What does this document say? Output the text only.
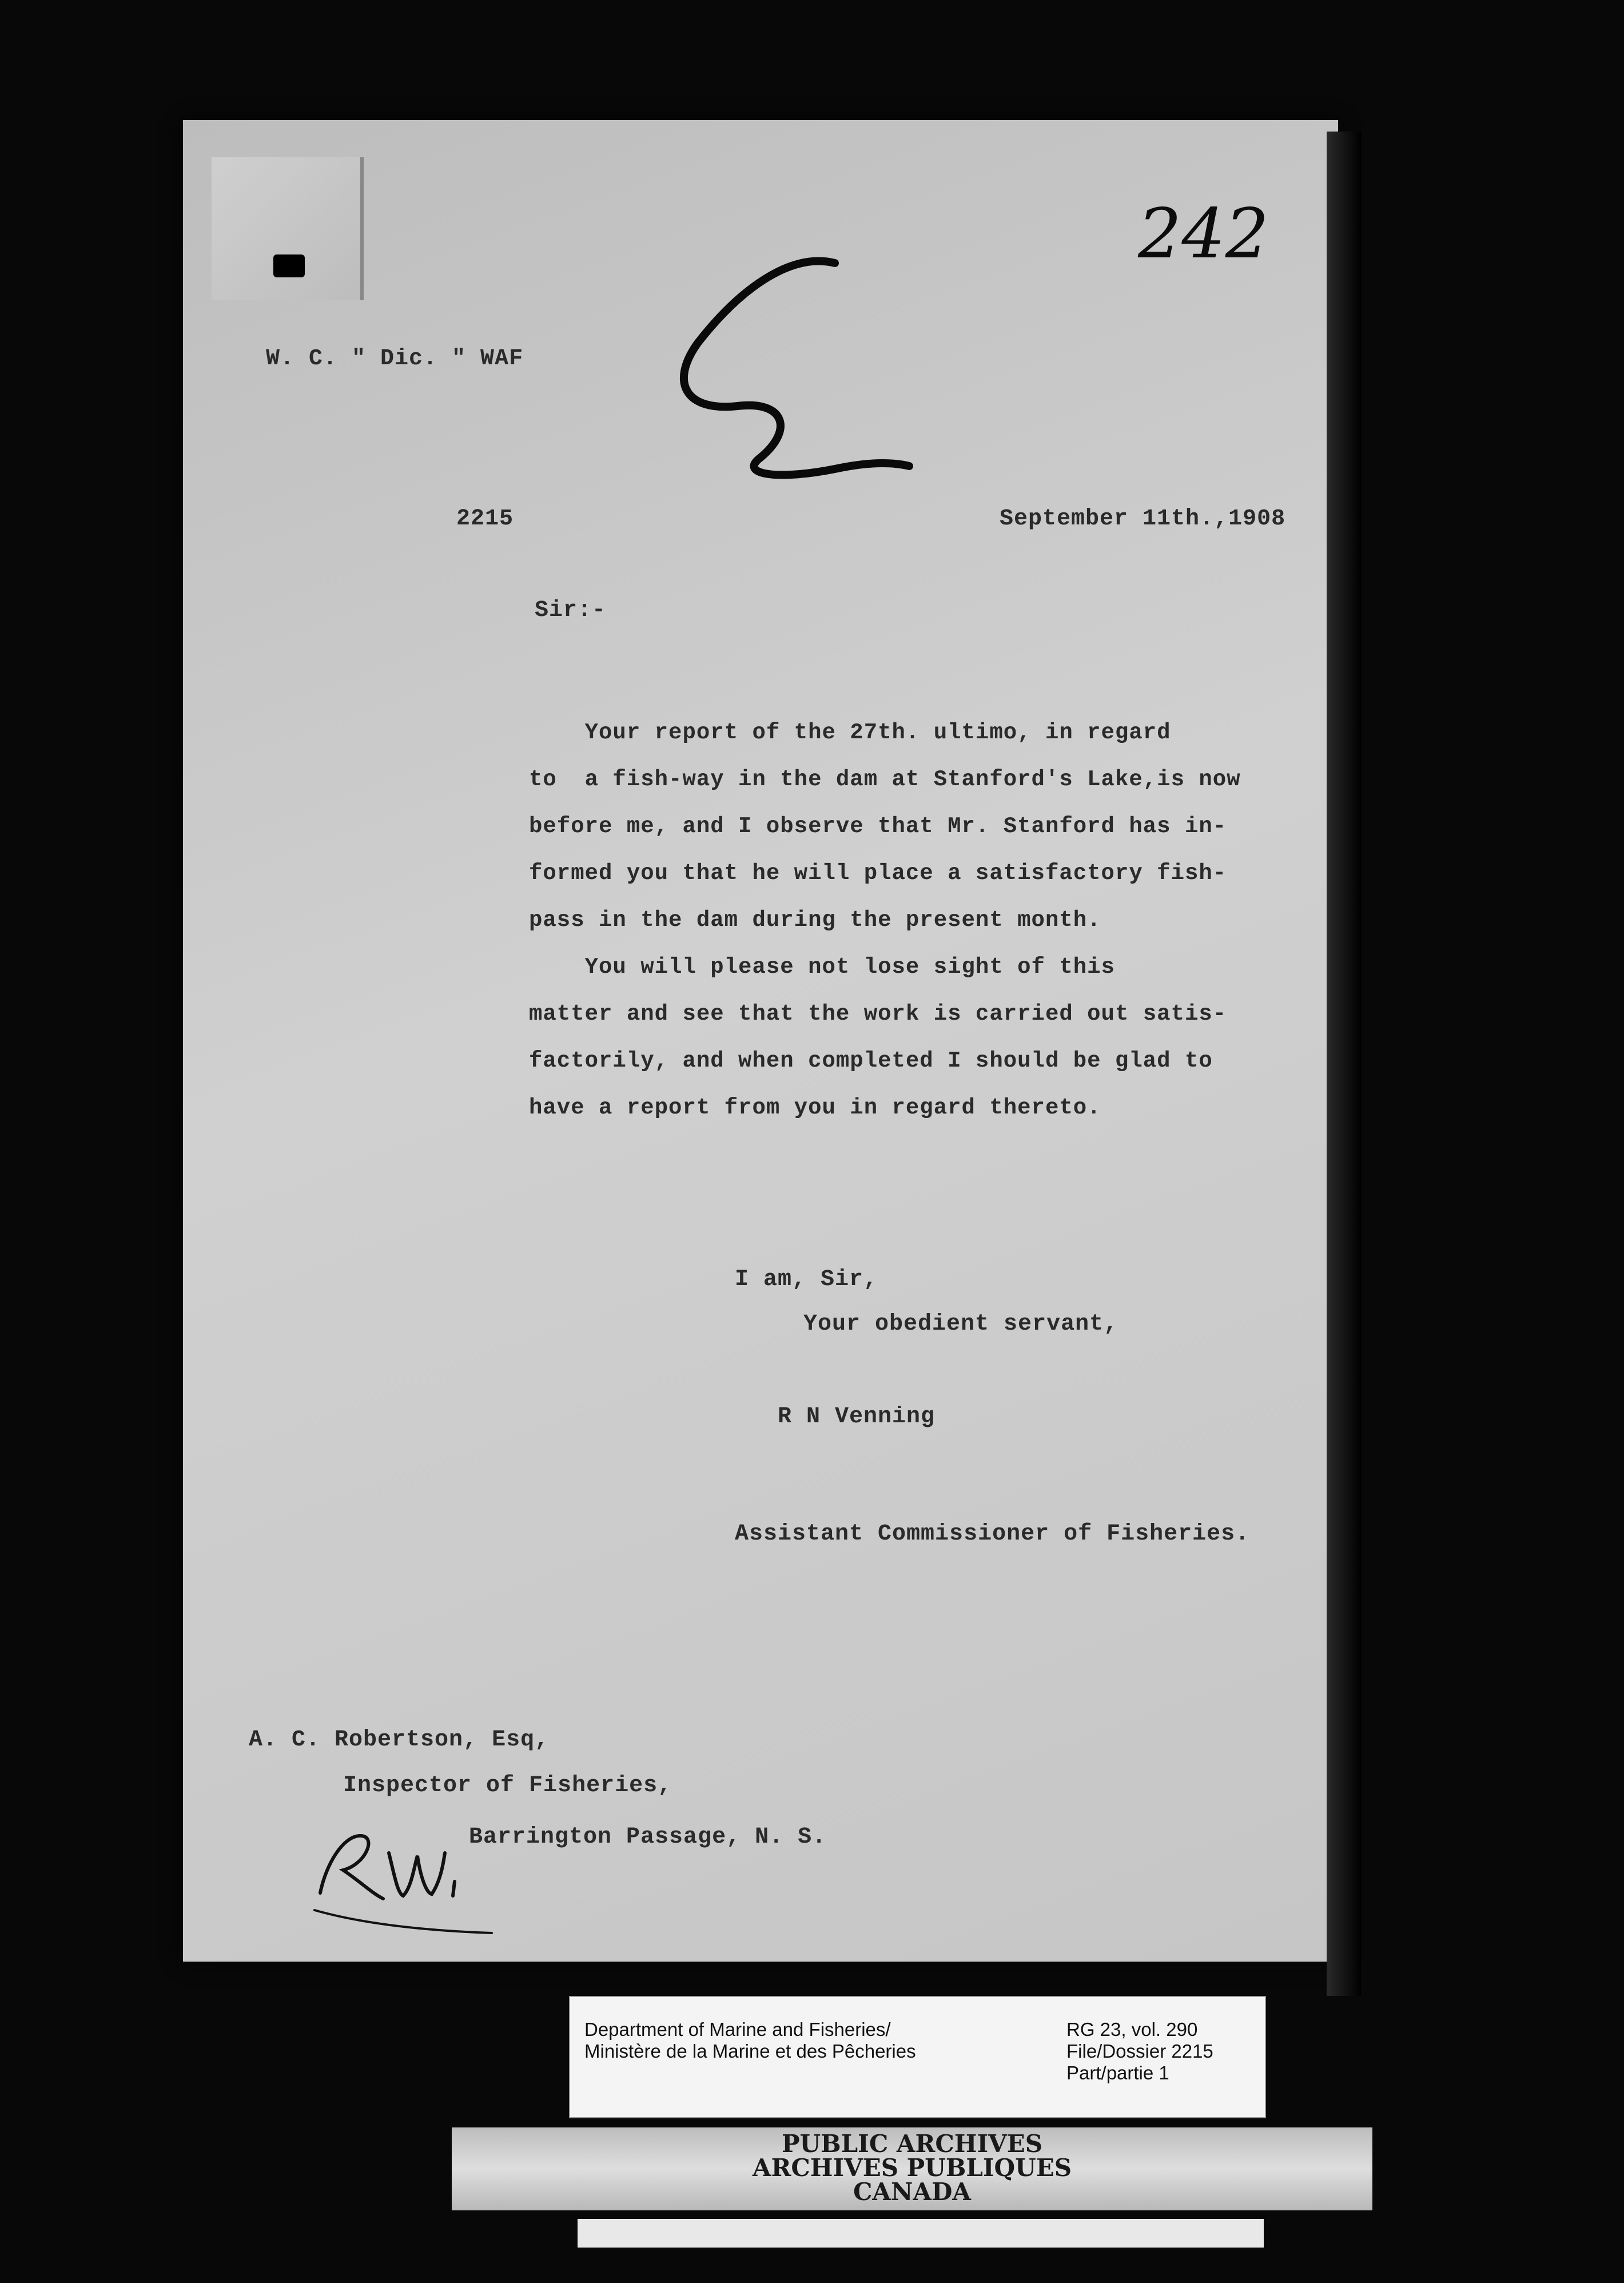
242
W. C. " Dic. " WAF
2215	September 11th.,1908
Sir:-
Your report of the 27th. ultimo, in regard
to  a fish-way in the dam at Stanford's Lake,is now
before me, and I observe that Mr. Stanford has in-
formed you that he will place a satisfactory fish-
pass in the dam during the present month.
You will please not lose sight of this
matter and see that the work is carried out satis-
factorily, and when completed I should be glad to
have a report from you in regard thereto.
I am, Sir,
Your obedient servant,
R N Venning
Assistant Commissioner of Fisheries.
A. C. Robertson, Esq,
Inspector of Fisheries,
Barrington Passage, N. S.
Department of Marine and Fisheries/
Ministère de la Marine et des Pêcheries
RG 23, vol. 290
File/Dossier 2215
Part/partie 1
PUBLIC ARCHIVES
ARCHIVES PUBLIQUES
CANADA
